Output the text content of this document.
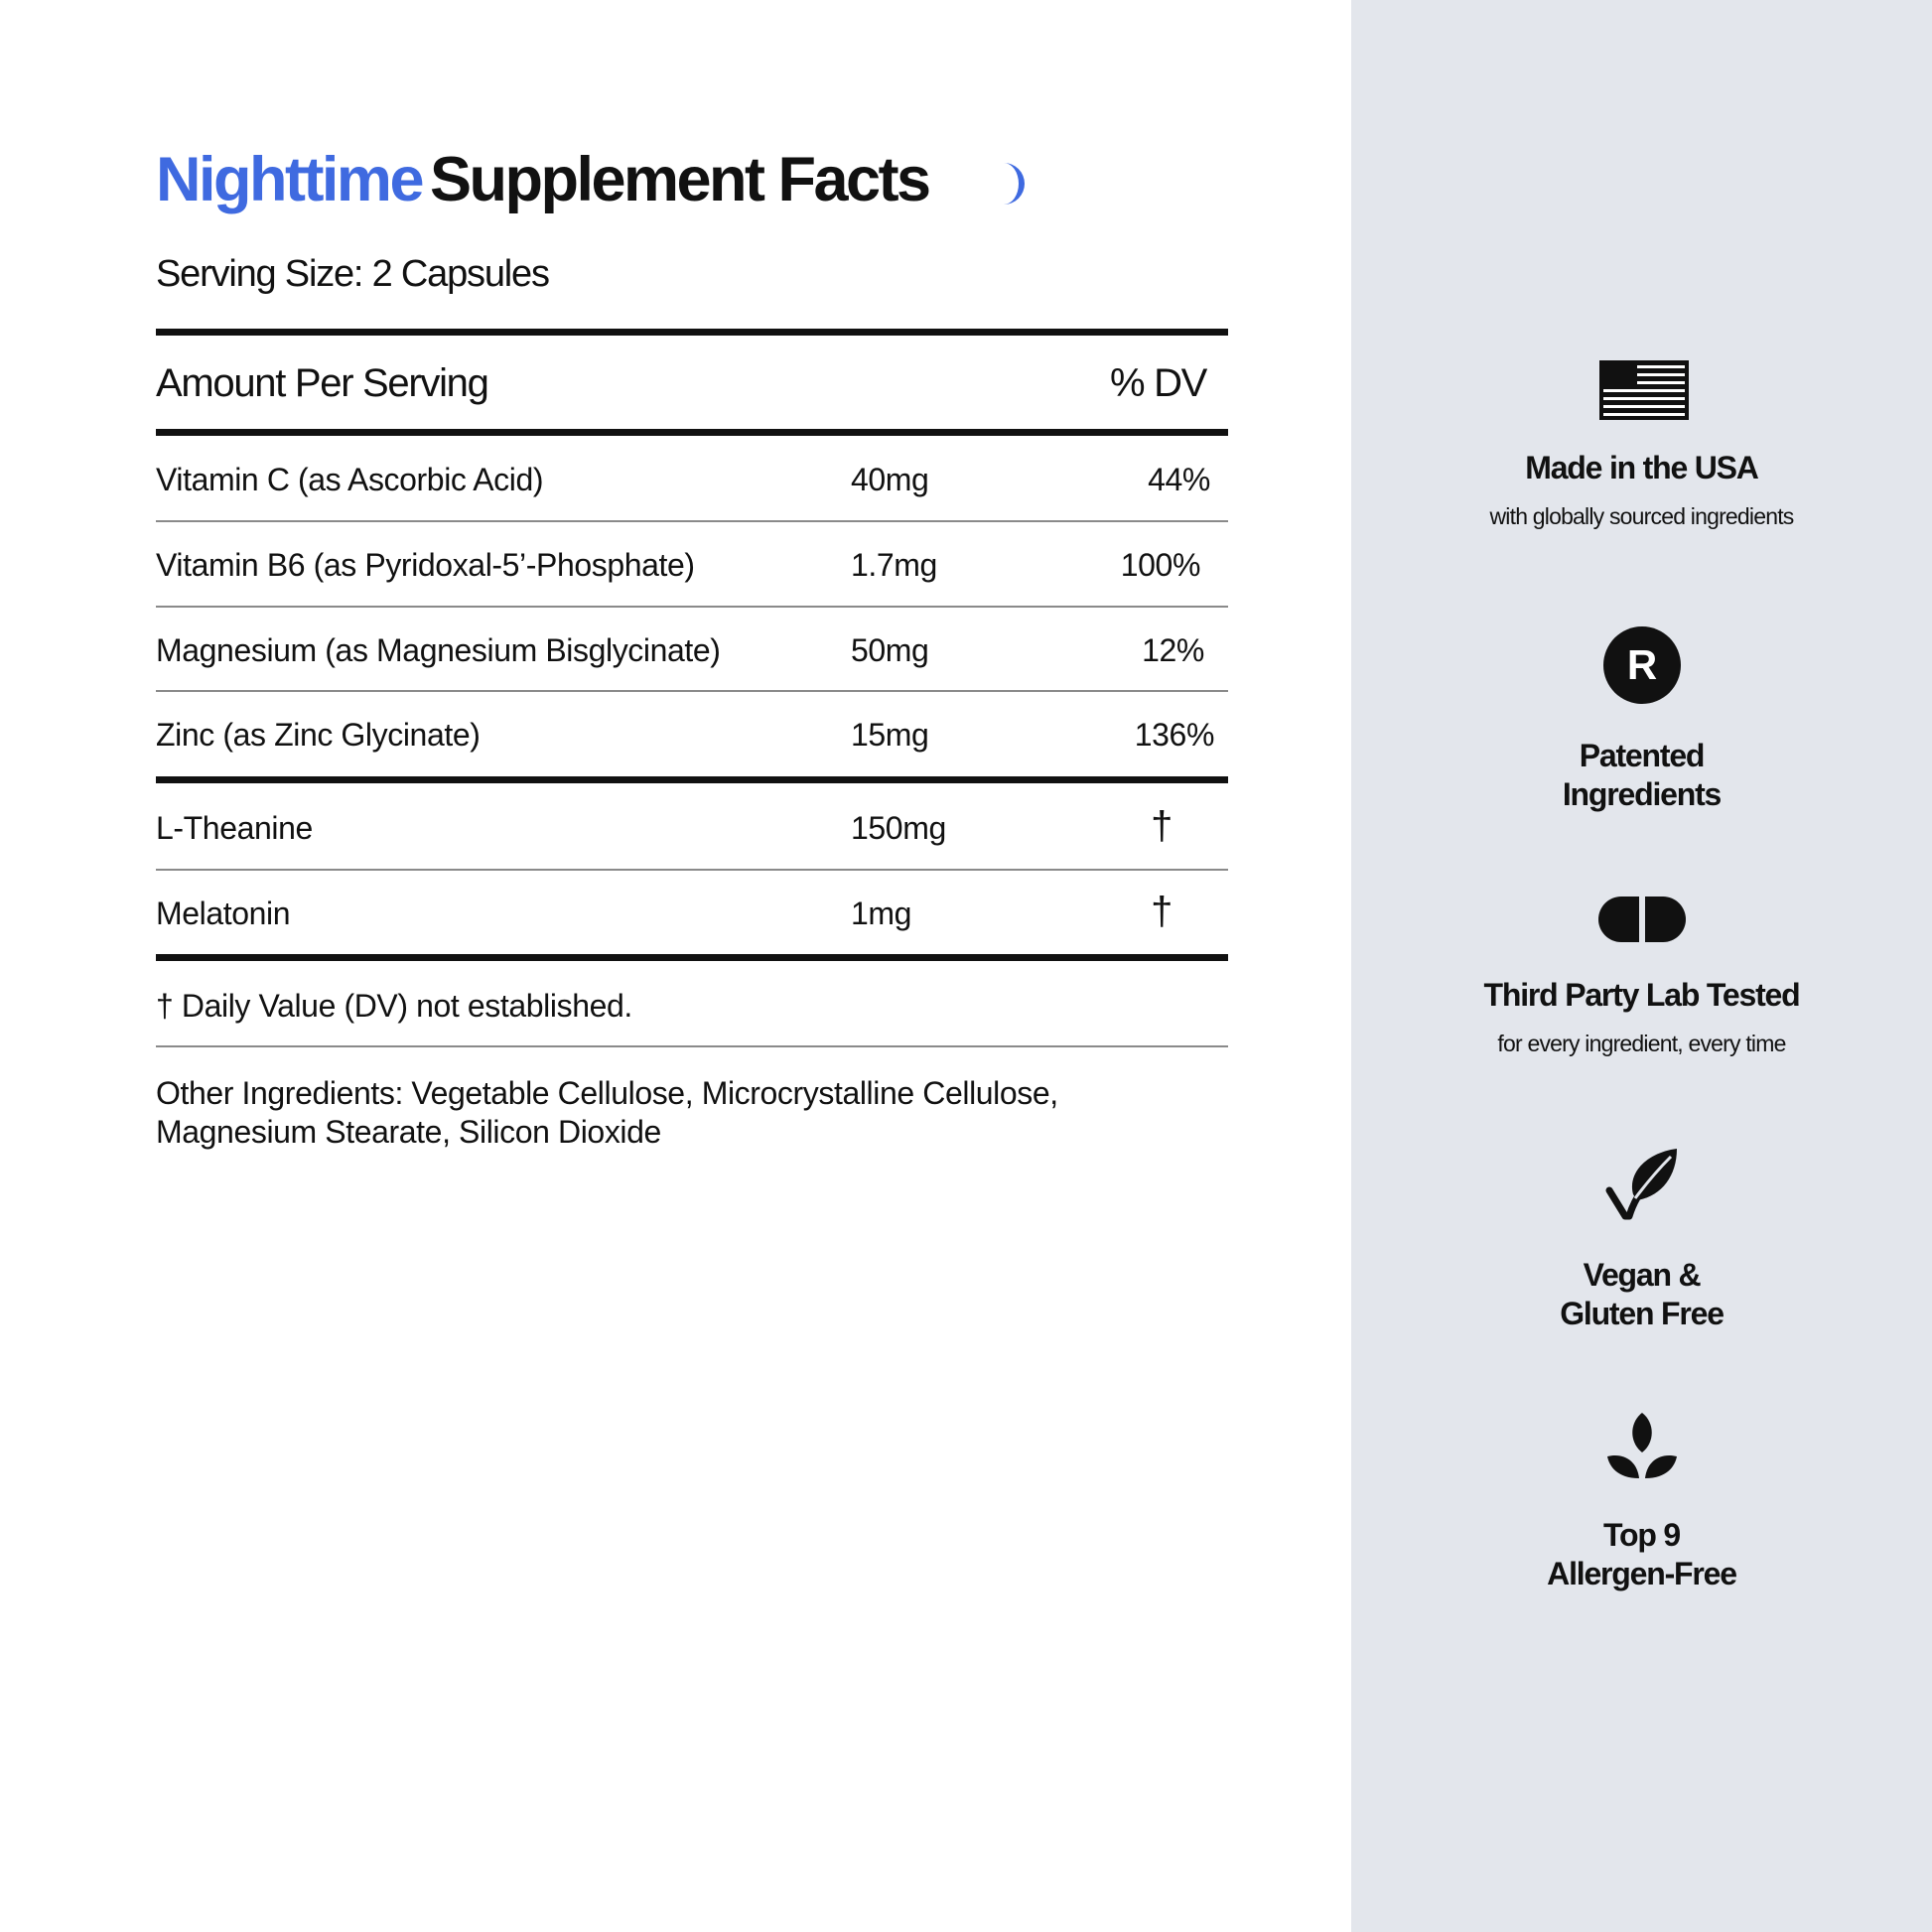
Nighttime Supplement Facts
Serving Size: 2 Capsules
Amount Per Serving	% DV
Vitamin C (as Ascorbic Acid)	40mg	44%
Vitamin B6 (as Pyridoxal-5’-Phosphate)	1.7mg	100%
Magnesium (as Magnesium Bisglycinate)	50mg	12%
Zinc (as Zinc Glycinate)	15mg	136%
L-Theanine	150mg	†
Melatonin	1mg	†
† Daily Value (DV) not established.
Other Ingredients: Vegetable Cellulose, Microcrystalline Cellulose,
Magnesium Stearate, Silicon Dioxide
Made in the USA
with globally sourced ingredients
R
Patented
Ingredients
Third Party Lab Tested
for every ingredient, every time
Vegan &
Gluten Free
Top 9
Allergen-Free
